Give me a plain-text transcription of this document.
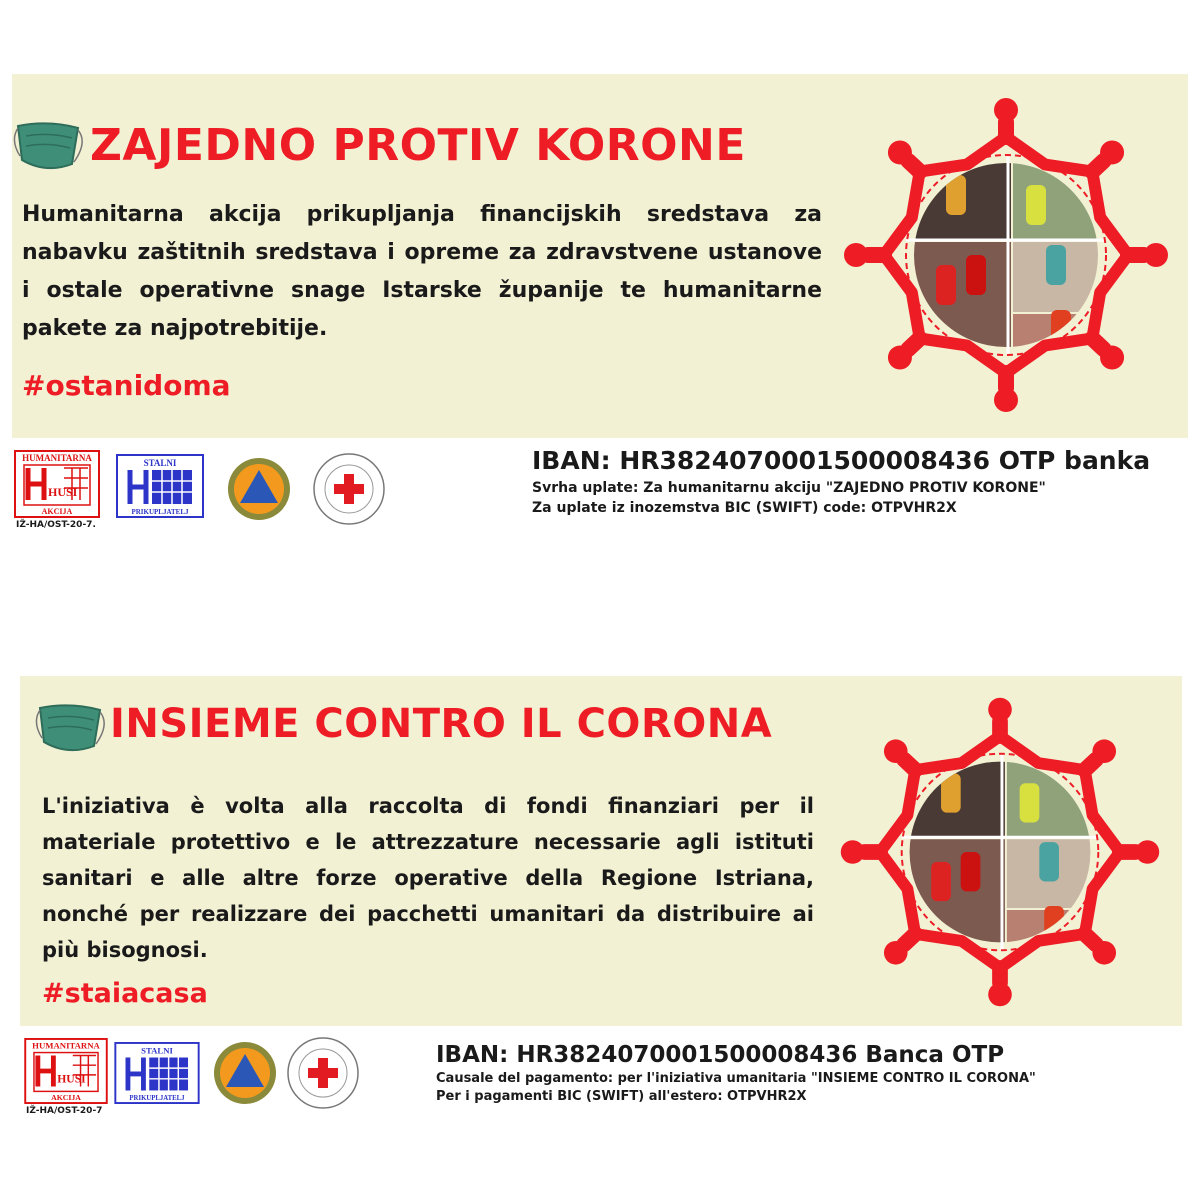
ZAJEDNO PROTIV KORONE
Humanitarna akcija prikupljanja financijskih sredstava za nabavku zaštitnih sredstava i opreme za zdravstvene ustanove i ostale operativne snage Istarske županije te humanitarne pakete za najpotrebitije.
#ostanidoma
HUMANITARNA
HUSI
AKCIJA
IŽ-HA/OST-20-7.
STALNI
PRIKUPLJATELJ
IBAN: HR3824070001500008436 OTP banka
Svrha uplate: Za humanitarnu akciju "ZAJEDNO PROTIV KORONE"
Za uplate iz inozemstva BIC (SWIFT) code: OTPVHR2X
INSIEME CONTRO IL CORONA
L'iniziativa è volta alla raccolta di fondi finanziari per il materiale protettivo e le attrezzature necessarie agli istituti sanitari e alle altre forze operative della Regione Istriana, nonché per realizzare dei pacchetti umanitari da distribuire ai più bisognosi.
#staiacasa
HUMANITARNA
HUSI
AKCIJA
IŽ-HA/OST-20-7
STALNI
PRIKUPLJATELJ
IBAN: HR3824070001500008436 Banca OTP
Causale del pagamento: per l'iniziativa umanitaria "INSIEME CONTRO IL CORONA"
Per i pagamenti BIC (SWIFT) all'estero: OTPVHR2X
